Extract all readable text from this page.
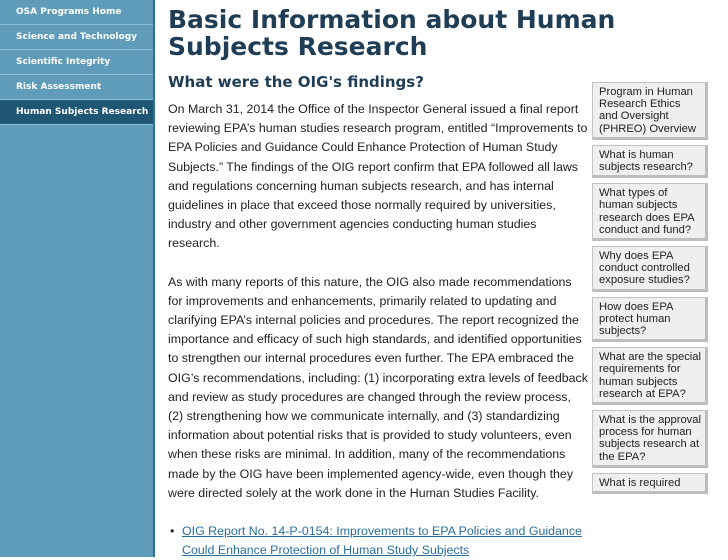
OSA Programs Home
Science and Technology
Scientific Integrity
Risk Assessment
Human Subjects Research
Basic Information about Human Subjects Research
What were the OIG's findings?

On March 31, 2014 the Office of the Inspector General issued a final report reviewing EPA’s human studies research program, entitled “Improvements to EPA Policies and Guidance Could Enhance Protection of Human Study Subjects.” The findings of the OIG report confirm that EPA followed all laws and regulations concerning human subjects research, and has internal guidelines in place that exceed those normally required by universities, industry and other government agencies conducting human studies research.

As with many reports of this nature, the OIG also made recommendations for improvements and enhancements, primarily related to updating and clarifying EPA’s internal policies and procedures. The report recognized the importance and efficacy of such high standards, and identified opportunities to strengthen our internal procedures even further. The EPA embraced the OIG’s recommendations, including: (1) incorporating extra levels of feedback and review as study procedures are changed through the review process, (2) strengthening how we communicate internally, and (3) standardizing information about potential risks that is provided to study volunteers, even when these risks are minimal. In addition, many of the recommendations made by the OIG have been implemented agency-wide, even though they were directed solely at the work done in the Human Studies Facility.

• OIG Report No. 14-P-0154: Improvements to EPA Policies and Guidance Could Enhance Protection of Human Study Subjects
Program in Human Research Ethics and Oversight (PHREO) Overview
What is human subjects research?
What types of human subjects research does EPA conduct and fund?
Why does EPA conduct controlled exposure studies?
How does EPA protect human subjects?
What are the special requirements for human subjects research at EPA?
What is the approval process for human subjects research at the EPA?
What is required
